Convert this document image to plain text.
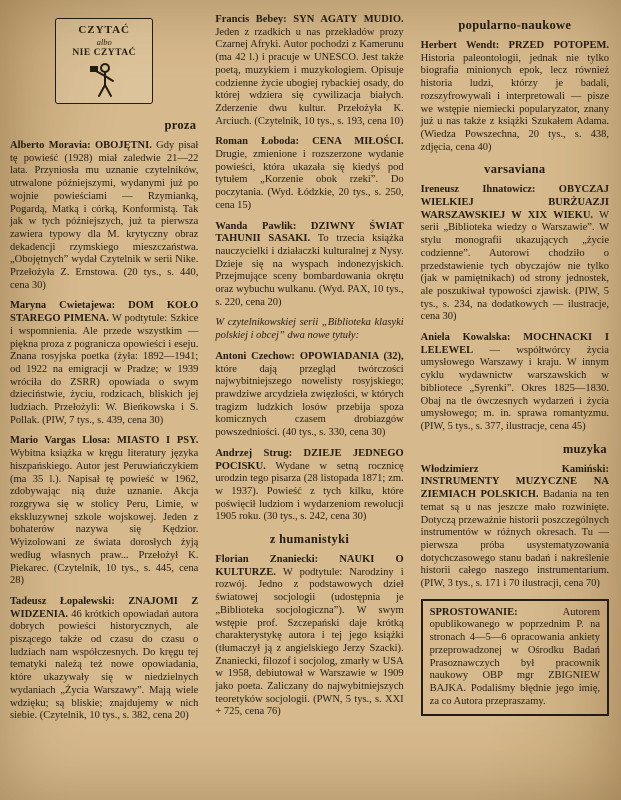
CZYTAĆ
albo
NIE CZYTAĆ
proza

Alberto Moravia: OBOJĘTNI. Gdy pisał tę powieść (1928) miał zaledwie 21—22 lata. Przyniosła mu uznanie czytelników, utrwalone późniejszymi, wydanymi już po wojnie powieściami — Rzymianką, Pogardą, Matką i córką, Konformistą. Tak jak w tych późniejszych, już ta pierwsza zawiera typowy dla M. krytyczny obraz dekadencji rzymskiego mieszczaństwa. „Obojętnych” wydał Czytelnik w serii Nike. Przełożyła Z. Ernstowa. (20 tys., s. 440, cena 30)

Maryna Cwietajewa: DOM KOŁO STAREGO PIMENA. W podtytule: Szkice i wspomnienia. Ale przede wszystkim — piękna proza z pogranicza opowieści i eseju. Znana rosyjska poetka (żyła: 1892—1941; od 1922 na emigracji w Pradze; w 1939 wróciła do ZSRR) opowiada o swym dzieciństwie, życiu, rodzicach, bliskich jej ludziach. Przełożyli: W. Bieńkowska i S. Pollak. (PIW, 7 tys., s. 439, cena 30)

Mario Vargas Llosa: MIASTO I PSY. Wybitna książka w kręgu literatury języka hiszpańskiego. Autor jest Peruwiańczykiem (ma 35 l.). Napisał tę powieść w 1962, zdobywając nią duże uznanie. Akcja rozgrywa się w stolicy Peru, Limie, w ekskluzywnej szkole wojskowej. Jeden z bohaterów nazywa się Kędzior. Wyizolowani ze świata dorosłych żyją według własnych praw... Przełożył K. Piekarec. (Czytelnik, 10 tys., s. 445, cena 28)

Tadeusz Łopalewski: ZNAJOMI Z WIDZENIA. 46 krótkich opowiadań autora dobrych powieści historycznych, ale piszącego także od czasu do czasu o ludziach nam współczesnych. Do kręgu tej tematyki należą też nowe opowiadania, które ukazywały się w niedzielnych wydaniach „Życia Warszawy”. Mają wiele wdzięku; są bliskie; znajdujemy w nich siebie. (Czytelnik, 10 tys., s. 382, cena 20)

Francis Bebey: SYN AGATY MUDIO. Jeden z rzadkich u nas przekładów prozy Czarnej Afryki. Autor pochodzi z Kamerunu (ma 42 l.) i pracuje w UNESCO. Jest także poetą, muzykiem i muzykologiem. Opisuje codzienne życie ubogiej rybackiej osady, do której wdziera się cywilizacja białych. Zderzenie dwu kultur. Przełożyła K. Arciuch. (Czytelnik, 10 tys., s. 193, cena 10)

Roman Łoboda: CENA MIŁOŚCI. Drugie, zmienione i rozszerzone wydanie powieści, która ukazała się kiedyś pod tytułem „Korzenie obok rzeki”. Do poczytania. (Wyd. Łódzkie, 20 tys., s. 250, cena 15)

Wanda Pawlik: DZIWNY ŚWIAT TAHUNII SASAKI. To trzecia książka nauczycielki i działaczki kulturalnej z Nysy. Dzieje się na wyspach indonezyjskich. Przejmujące sceny bombardowania okrętu oraz wybuchu wulkanu. (Wyd. PAX, 10 tys., s. 220, cena 20)

W czytelnikowskiej serii „Biblioteka klasyki polskiej i obcej” dwa nowe tytuły:

Antoni Czechow: OPOWIADANIA (32), które dają przegląd twórczości najwybitniejszego nowelisty rosyjskiego; prawdziwe arcydzieła zwięzłości, w których tragizm ludzkich losów przebija spoza komicznych czasem drobiazgów powszedniości. (40 tys., s. 330, cena 30)

Andrzej Strug: DZIEJE JEDNEGO POCISKU. Wydane w setną rocznicę urodzin tego pisarza (28 listopada 1871; zm. w 1937). Powieść z tych kilku, które poświęcił ludziom i wydarzeniom rewolucji 1905 roku. (30 tys., s. 242, cena 30)

z humanistyki

Florian Znaniecki: NAUKI O KULTURZE. W podtytule: Narodziny i rozwój. Jedno z podstawowych dzieł światowej socjologii (udostępnia je „Biblioteka socjologiczna”). W swym wstępie prof. Szczepański daje krótką charakterystykę autora i tej jego książki (tłumaczył ją z angielskiego Jerzy Szacki). Znaniecki, filozof i socjolog, zmarły w USA w 1958, debiutował w Warszawie w 1909 jako poeta. Zaliczany do najwybitniejszych teoretyków socjologii. (PWN, 5 tys., s. XXI + 725, cena 76)

popularno-naukowe

Herbert Wendt: PRZED POTOPEM. Historia paleontologii, jednak nie tylko biografia minionych epok, lecz również historia ludzi, którzy je badali, rozszyfrowywali i interpretowali — pisze we wstępie niemiecki popularyzator, znany już u nas także z książki Szukałem Adama. (Wiedza Powszechna, 20 tys., s. 438, zdjęcia, cena 40)

varsaviana

Ireneusz Ihnatowicz: OBYCZAJ WIELKIEJ BURŻUAZJI WARSZAWSKIEJ W XIX WIEKU. W serii „Biblioteka wiedzy o Warszawie”. W stylu monografii ukazujących „życie codzienne”. Autorowi chodziło o przedstawienie tych obyczajów nie tylko (jak w pamiętnikach) od strony jednostek, ale poszukiwał typowości zjawisk. (PIW, 5 tys., s. 234, na dodatkowych — ilustracje, cena 30)

Aniela Kowalska: MOCHNACKI I LELEWEL — współtwórcy życia umysłowego Warszawy i kraju. W innym cyklu wydawnictw warszawskich w bibliotece „Syrenki”. Okres 1825—1830. Obaj na tle ówczesnych wydarzeń i życia umysłowego; m. in. sprawa romantyzmu. (PIW, 5 tys., s. 377, ilustracje, cena 45)

muzyka

Włodzimierz Kamiński: INSTRUMENTY MUZYCZNE NA ZIEMIACH POLSKICH. Badania na ten temat są u nas jeszcze mało rozwinięte. Dotyczą przeważnie historii poszczególnych instrumentów w różnych okresach. Tu — pierwsza próba usystematyzowania dotychczasowego stanu badań i nakreślenie historii całego naszego instrumentarium. (PIW, 3 tys., s. 171 i 70 ilustracji, cena 70)

SPROSTOWANIE:	Autorem opublikowanego w poprzednim P. na stronach 4—5—6 opracowania ankiety przeprowadzonej w Ośrodku Badań Prasoznawczych był pracownik naukowy OBP mgr ZBIGNIEW BAJKA. Podaliśmy błędnie jego imię, za co Autora przepraszamy.
